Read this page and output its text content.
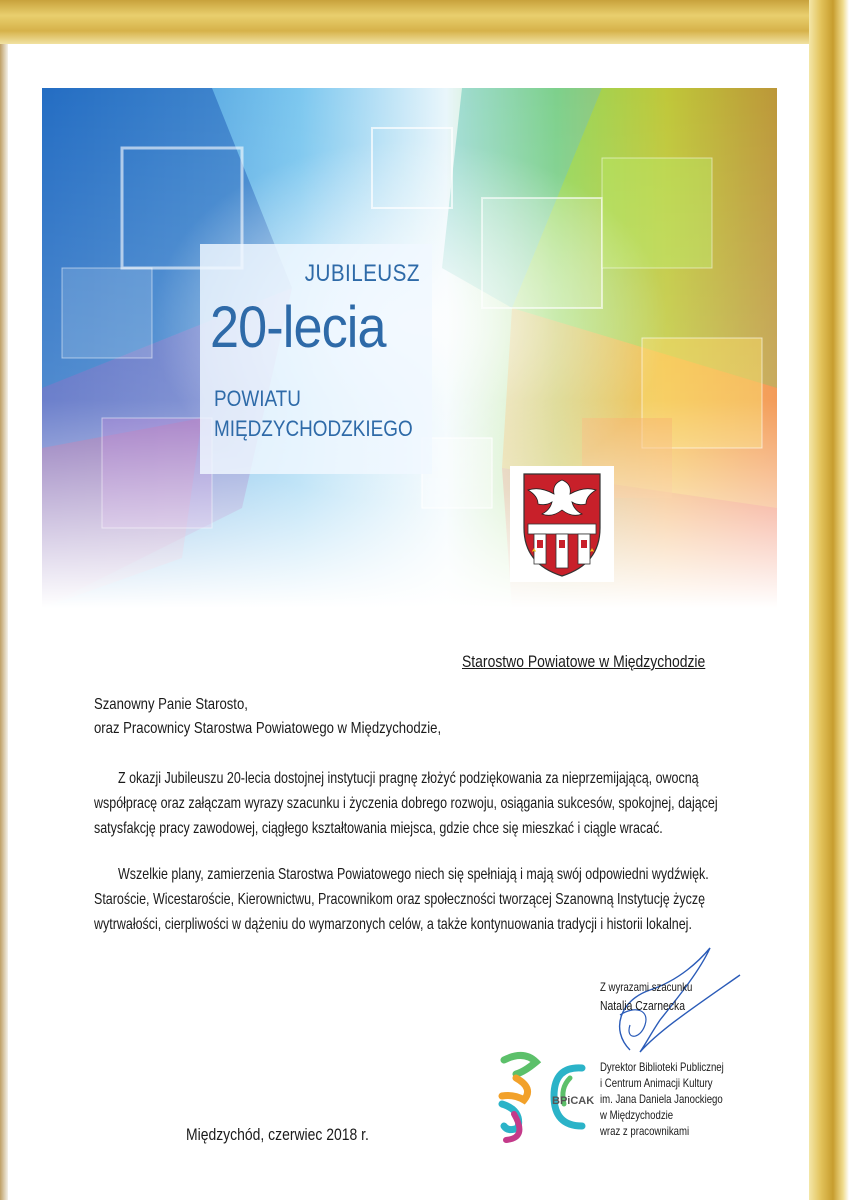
JUBILEUSZ
20-lecia
POWIATU
MIĘDZYCHODZKIEGO
Starostwo Powiatowe w Międzychodzie
Szanowny Panie Starosto,
oraz Pracownicy Starostwa Powiatowego w Międzychodzie,
Z okazji Jubileuszu 20-lecia dostojnej instytucji pragnę złożyć podziękowania za nieprzemijającą, owocną
współpracę oraz załączam wyrazy szacunku i życzenia dobrego rozwoju, osiągania sukcesów, spokojnej, dającej
satysfakcję pracy zawodowej, ciągłego kształtowania miejsca, gdzie chce się mieszkać i ciągle wracać.
Wszelkie plany, zamierzenia Starostwa Powiatowego niech się spełniają i mają swój odpowiedni wydźwięk.
Staroście, Wicestaroście, Kierownictwu, Pracownikom oraz społeczności tworzącej Szanowną Instytucję życzę
wytrwałości, cierpliwości w dążeniu do wymarzonych celów, a także kontynuowania tradycji i historii lokalnej.
Z wyrazami szacunku
Natalia Czarnecka
Dyrektor Biblioteki Publicznej
i Centrum Animacji Kultury
im. Jana Daniela Janockiego
w Międzychodzie
wraz z pracownikami
BPiCAK
Międzychód, czerwiec 2018 r.
